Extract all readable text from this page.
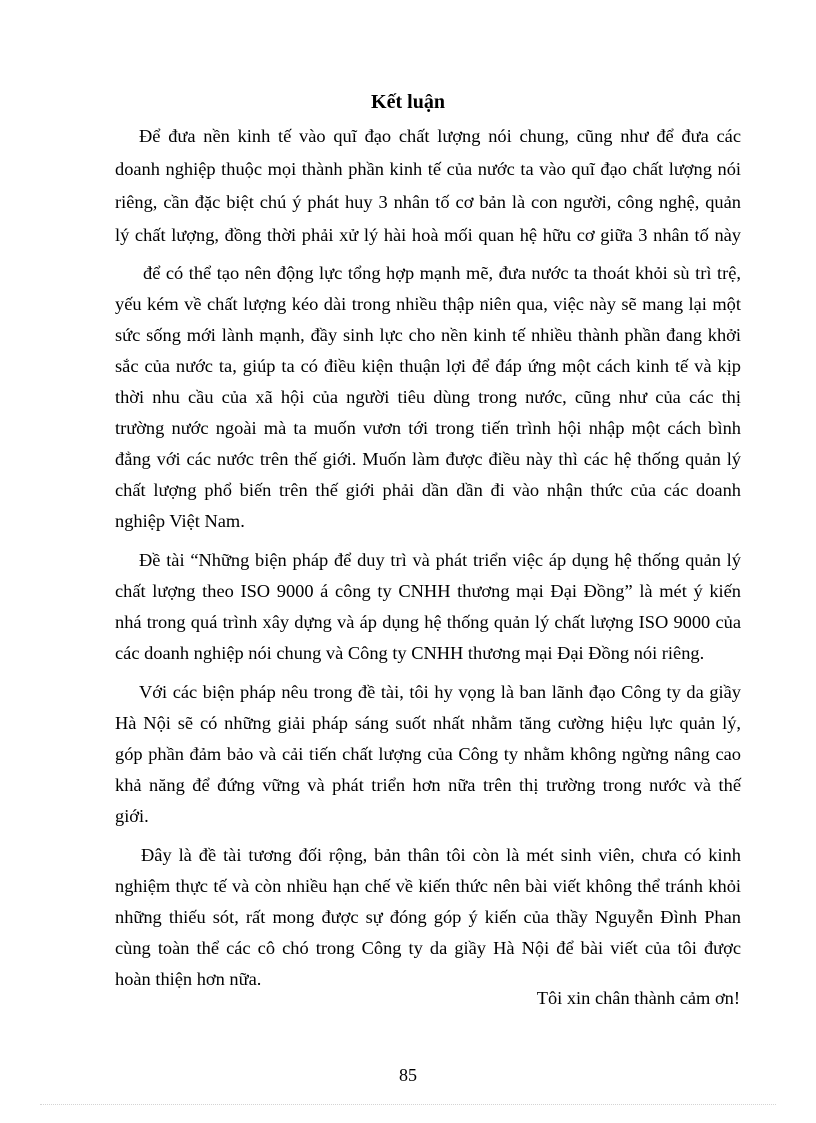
Kết luận
Để đưa nền kinh tế vào quĩ đạo chất lượng nói chung, cũng như để đưa các
doanh nghiệp thuộc mọi thành phần kinh tế của nước ta vào quĩ đạo chất lượng nói
riêng, cần đặc biệt chú ý phát huy 3 nhân tố cơ bản là con người, công nghệ, quản
lý chất lượng, đồng thời phải xử lý hài hoà mối quan hệ hữu cơ giữa 3 nhân tố này
để có thể tạo nên động lực tổng hợp mạnh mẽ, đưa nước ta thoát khỏi sù trì trệ,
yếu kém về chất lượng kéo dài trong nhiều thập niên qua, việc này sẽ mang lại một
sức sống mới lành mạnh, đầy sinh lực cho nền kinh tế nhiều thành phần đang khởi
sắc của nước ta, giúp ta có điều kiện thuận lợi để đáp ứng một cách kinh tế và kịp
thời nhu cầu của xã hội của người tiêu dùng trong nước, cũng như của các thị
trường nước ngoài mà ta muốn vươn tới trong tiến trình hội nhập một cách bình
đẳng với các nước trên thế giới. Muốn làm được điều này thì các hệ thống quản lý
chất lượng phổ biến trên thế giới phải dần dần đi vào nhận thức của các doanh
nghiệp Việt Nam.
Đề tài “Những biện pháp để duy trì và phát triển việc áp dụng hệ thống quản lý
chất lượng theo ISO 9000 á công ty CNHH thương mại Đại Đồng” là mét ý kiến
nhá trong quá trình xây dựng và áp dụng hệ thống quản lý chất lượng ISO 9000 của
các doanh nghiệp nói chung và Công ty CNHH thương mại Đại Đồng nói riêng.
Với các biện pháp nêu trong đề tài, tôi hy vọng là ban lãnh đạo Công ty da giầy
Hà Nội sẽ có những giải pháp sáng suốt nhất nhằm tăng cường hiệu lực quản lý,
góp phần đảm bảo và cải tiến chất lượng của Công ty nhằm không ngừng nâng cao
khả năng để đứng vững và phát triển hơn nữa trên thị trường trong nước và thế
giới.
Đây là đề tài tương đối rộng, bản thân tôi còn là mét sinh viên, chưa có kinh
nghiệm thực tế và còn nhiều hạn chế về kiến thức nên bài viết không thể tránh khỏi
những thiếu sót, rất mong được sự đóng góp ý kiến của thầy Nguyễn Đình Phan
cùng toàn thể các cô chó trong Công ty da giầy Hà Nội để bài viết của tôi được
hoàn thiện hơn nữa.
Tôi xin chân thành cảm ơn!
85
